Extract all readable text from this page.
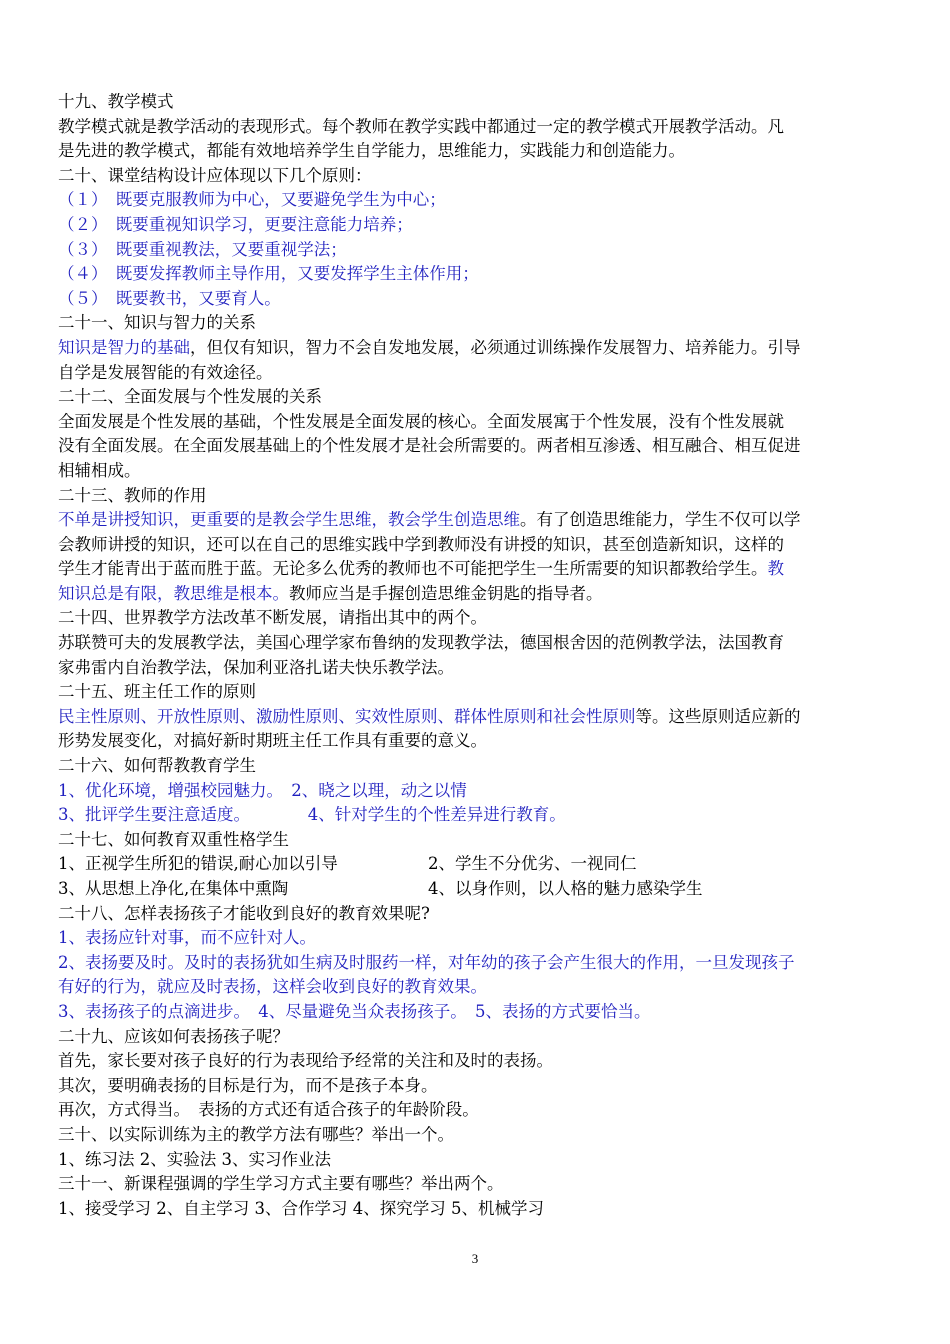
十九、教学模式
教学模式就是教学活动的表现形式。每个教师在教学实践中都通过一定的教学模式开展教学活动。凡
是先进的教学模式，都能有效地培养学生自学能力，思维能力，实践能力和创造能力。
二十、课堂结构设计应体现以下几个原则：
（１）　既要克服教师为中心，又要避免学生为中心；
（２）　既要重视知识学习，更要注意能力培养；
（３）　既要重视教法，又要重视学法；
（４）　既要发挥教师主导作用，又要发挥学生主体作用；
（５）　既要教书，又要育人。
二十一、知识与智力的关系
知识是智力的基础，但仅有知识，智力不会自发地发展，必须通过训练操作发展智力、培养能力。引导
自学是发展智能的有效途径。
二十二、全面发展与个性发展的关系
全面发展是个性发展的基础，个性发展是全面发展的核心。全面发展寓于个性发展，没有个性发展就
没有全面发展。在全面发展基础上的个性发展才是社会所需要的。两者相互渗透、相互融合、相互促进
相辅相成。
二十三、教师的作用
不单是讲授知识，更重要的是教会学生思维，教会学生创造思维。有了创造思维能力，学生不仅可以学
会教师讲授的知识，还可以在自己的思维实践中学到教师没有讲授的知识，甚至创造新知识，这样的
学生才能青出于蓝而胜于蓝。无论多么优秀的教师也不可能把学生一生所需要的知识都教给学生。教
知识总是有限，教思维是根本。教师应当是手握创造思维金钥匙的指导者。
二十四、世界教学方法改革不断发展，请指出其中的两个。
苏联赞可夫的发展教学法，美国心理学家布鲁纳的发现教学法，德国根舍因的范例教学法，法国教育
家弗雷内自治教学法，保加利亚洛扎诺夫快乐教学法。
二十五、班主任工作的原则
民主性原则、开放性原则、激励性原则、实效性原则、群体性原则和社会性原则等。这些原则适应新的
形势发展变化，对搞好新时期班主任工作具有重要的意义。
二十六、如何帮教教育学生
1、优化环境，增强校园魅力。　2、晓之以理，动之以情
3、批评学生要注意适度。　　　　4、针对学生的个性差异进行教育。
二十七、如何教育双重性格学生
1、正视学生所犯的错误,耐心加以引导	2、学生不分优劣、一视同仁
3、从思想上净化,在集体中熏陶	4、以身作则，以人格的魅力感染学生
二十八、怎样表扬孩子才能收到良好的教育效果呢?
1、表扬应针对事，而不应针对人。
2、表扬要及时。及时的表扬犹如生病及时服药一样，对年幼的孩子会产生很大的作用，一旦发现孩子
有好的行为，就应及时表扬，这样会收到良好的教育效果。
3、表扬孩子的点滴进步。　4、尽量避免当众表扬孩子。　5、表扬的方式要恰当。
二十九、应该如何表扬孩子呢？
首先，家长要对孩子良好的行为表现给予经常的关注和及时的表扬。
其次，要明确表扬的目标是行为，而不是孩子本身。
再次，方式得当。　表扬的方式还有适合孩子的年龄阶段。
三十、以实际训练为主的教学方法有哪些？举出一个。
1、练习法 2、实验法 3、实习作业法
三十一、新课程强调的学生学习方式主要有哪些？举出两个。
1、接受学习 2、自主学习 3、合作学习 4、探究学习 5、机械学习
3
